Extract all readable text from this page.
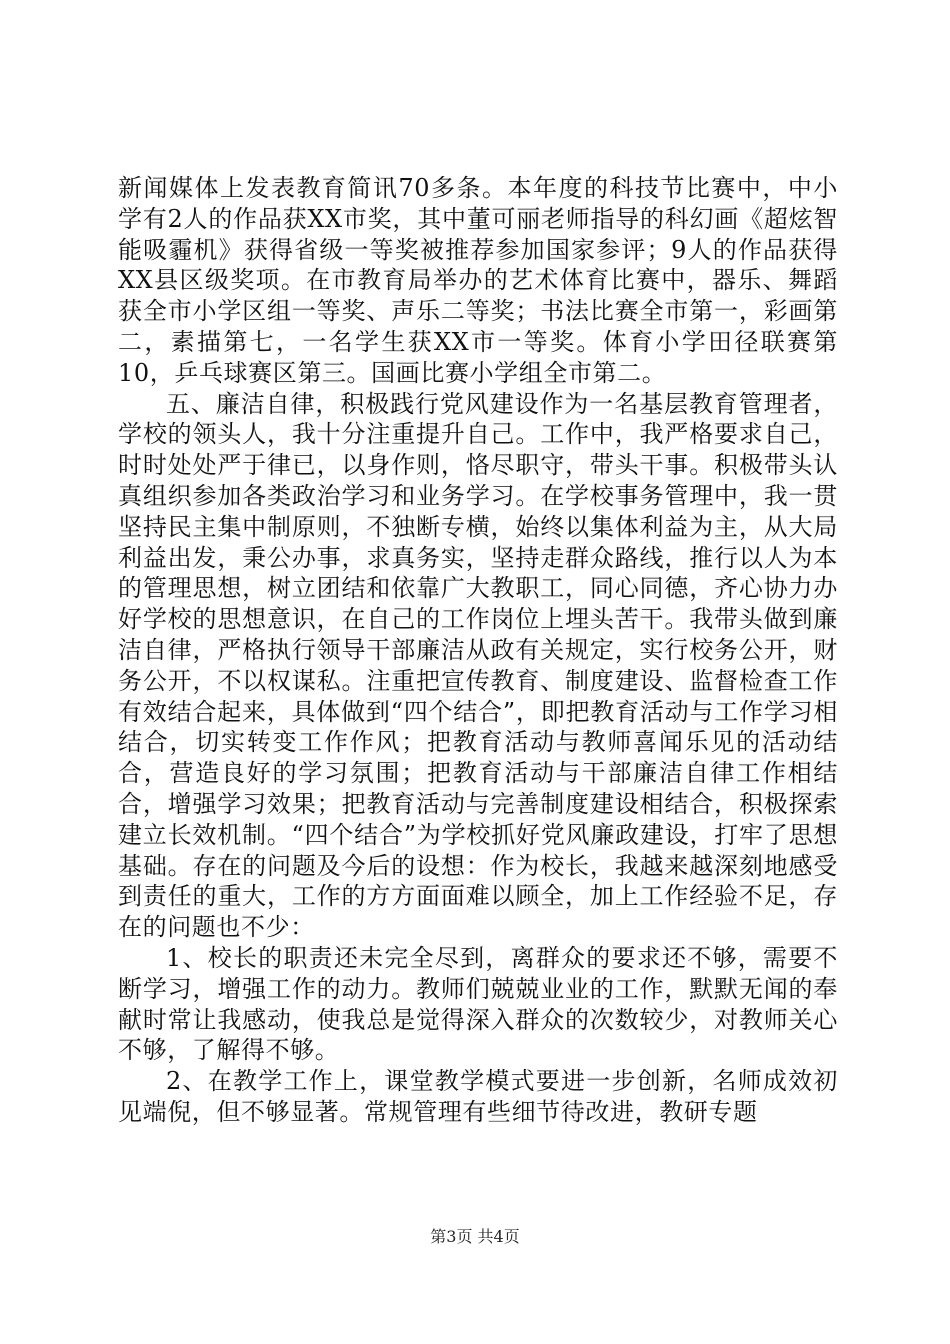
新闻媒体上发表教育简讯70多条。本年度的科技节比赛中，中小学有2人的作品获XX市奖，其中董可丽老师指导的科幻画《超炫智能吸霾机》获得省级一等奖被推荐参加国家参评；9人的作品获得XX县区级奖项。在市教育局举办的艺术体育比赛中，器乐、舞蹈获全市小学区组一等奖、声乐二等奖；书法比赛全市第一，彩画第二，素描第七，一名学生获XX市一等奖。体育小学田径联赛第10，乒乓球赛区第三。国画比赛小学组全市第二。

五、廉洁自律，积极践行党风建设作为一名基层教育管理者，学校的领头人，我十分注重提升自己。工作中，我严格要求自己，时时处处严于律已，以身作则，恪尽职守，带头干事。积极带头认真组织参加各类政治学习和业务学习。在学校事务管理中，我一贯坚持民主集中制原则，不独断专横，始终以集体利益为主，从大局利益出发，秉公办事，求真务实，坚持走群众路线，推行以人为本的管理思想，树立团结和依靠广大教职工，同心同德，齐心协力办好学校的思想意识，在自己的工作岗位上埋头苦干。我带头做到廉洁自律，严格执行领导干部廉洁从政有关规定，实行校务公开，财务公开，不以权谋私。注重把宣传教育、制度建设、监督检查工作有效结合起来，具体做到“四个结合”，即把教育活动与工作学习相结合，切实转变工作作风；把教育活动与教师喜闻乐见的活动结合，营造良好的学习氛围；把教育活动与干部廉洁自律工作相结合，增强学习效果；把教育活动与完善制度建设相结合，积极探索建立长效机制。“四个结合”为学校抓好党风廉政建设，打牢了思想基础。存在的问题及今后的设想：作为校长，我越来越深刻地感受到责任的重大，工作的方方面面难以顾全，加上工作经验不足，存在的问题也不少：

1、校长的职责还未完全尽到，离群众的要求还不够，需要不断学习，增强工作的动力。教师们兢兢业业的工作，默默无闻的奉献时常让我感动，使我总是觉得深入群众的次数较少，对教师关心不够，了解得不够。

2、在教学工作上，课堂教学模式要进一步创新，名师成效初见端倪，但不够显著。常规管理有些细节待改进，教研专题

第3页 共4页
